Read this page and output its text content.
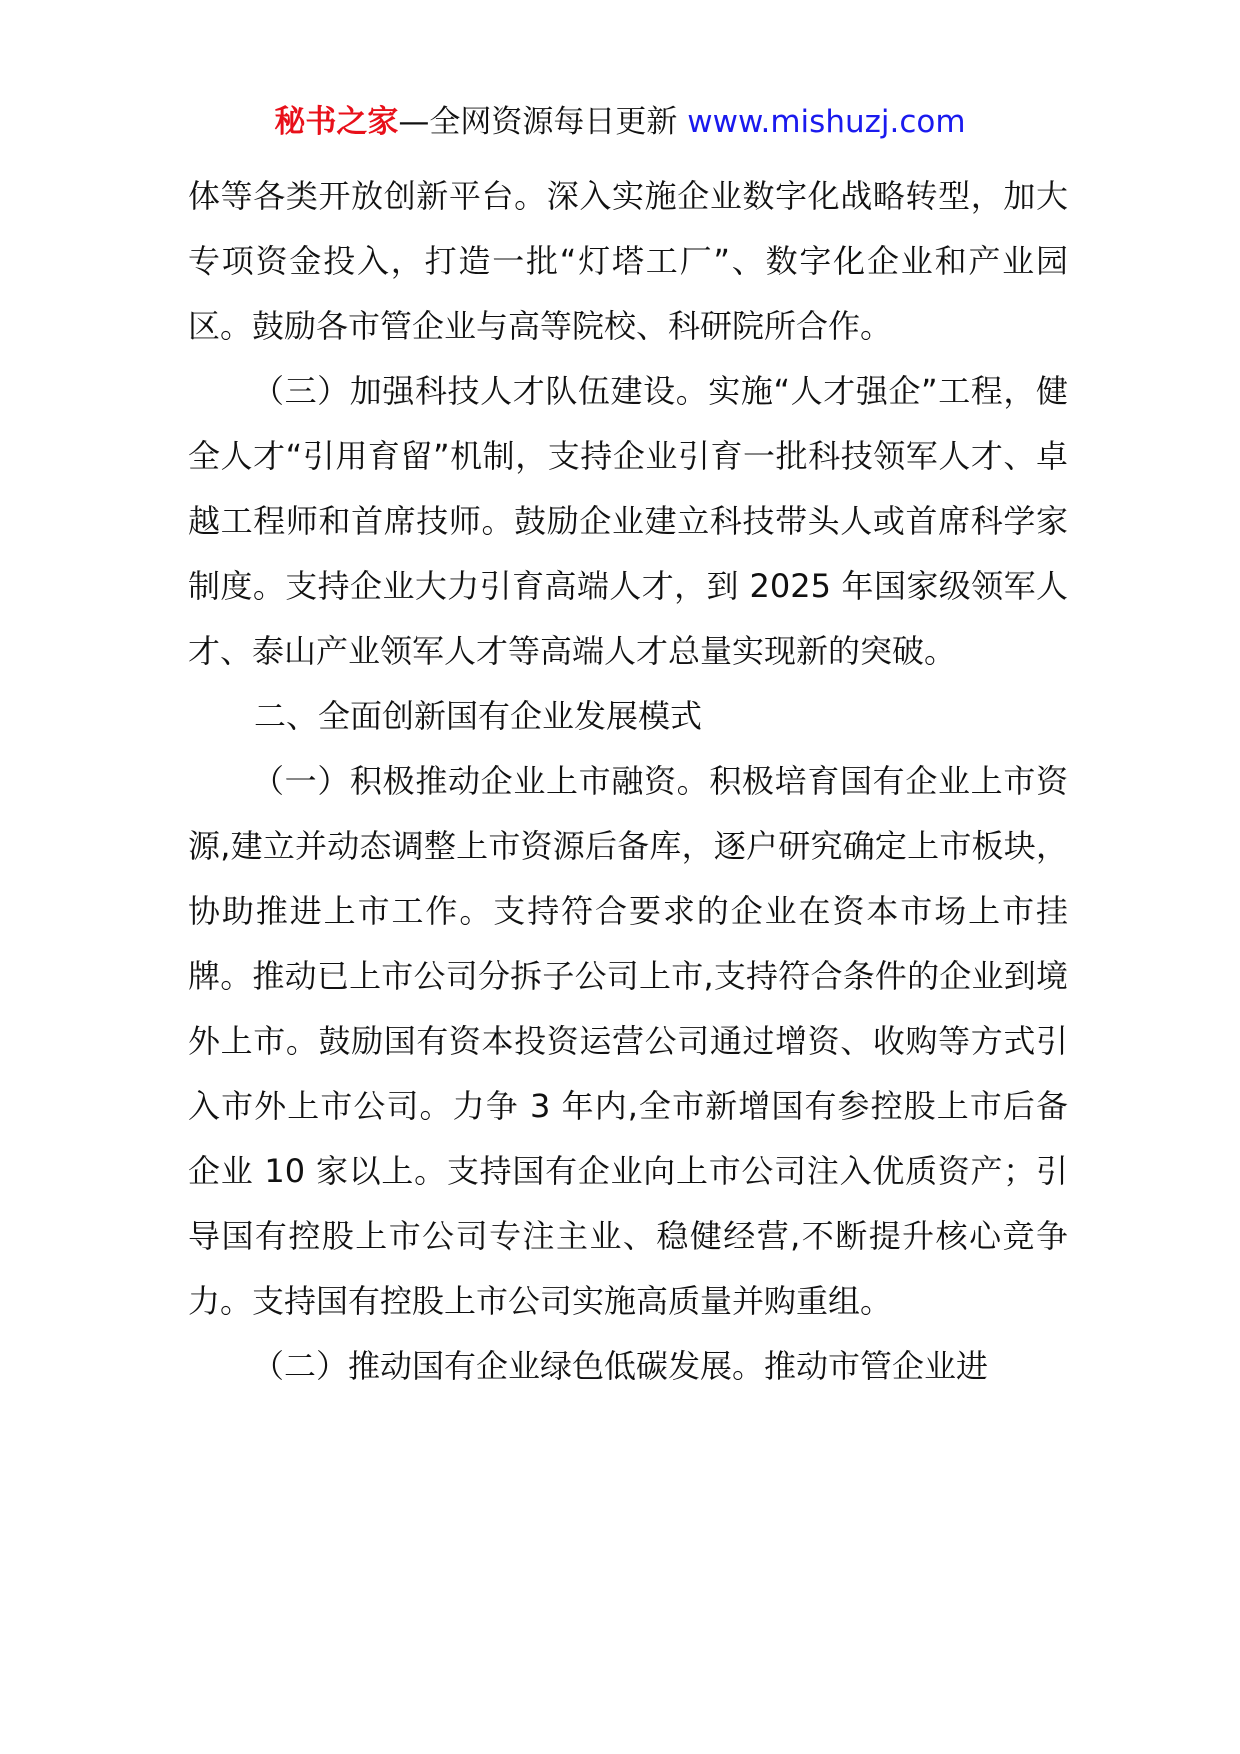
秘书之家—全网资源每日更新 www.mishuzj.com

体等各类开放创新平台。深入实施企业数字化战略转型，加大专项资金投入，打造一批“灯塔工厂”、数字化企业和产业园区。鼓励各市管企业与高等院校、科研院所合作。

（三）加强科技人才队伍建设。实施“人才强企”工程，健全人才“引用育留”机制，支持企业引育一批科技领军人才、卓越工程师和首席技师。鼓励企业建立科技带头人或首席科学家制度。支持企业大力引育高端人才，到 2025 年国家级领军人才、泰山产业领军人才等高端人才总量实现新的突破。

二、全面创新国有企业发展模式

（一）积极推动企业上市融资。积极培育国有企业上市资源,建立并动态调整上市资源后备库，逐户研究确定上市板块，协助推进上市工作。支持符合要求的企业在资本市场上市挂牌。推动已上市公司分拆子公司上市,支持符合条件的企业到境外上市。鼓励国有资本投资运营公司通过增资、收购等方式引入市外上市公司。力争 3 年内,全市新增国有参控股上市后备企业 10 家以上。支持国有企业向上市公司注入优质资产；引导国有控股上市公司专注主业、稳健经营,不断提升核心竞争力。支持国有控股上市公司实施高质量并购重组。

（二）推动国有企业绿色低碳发展。推动市管企业进
